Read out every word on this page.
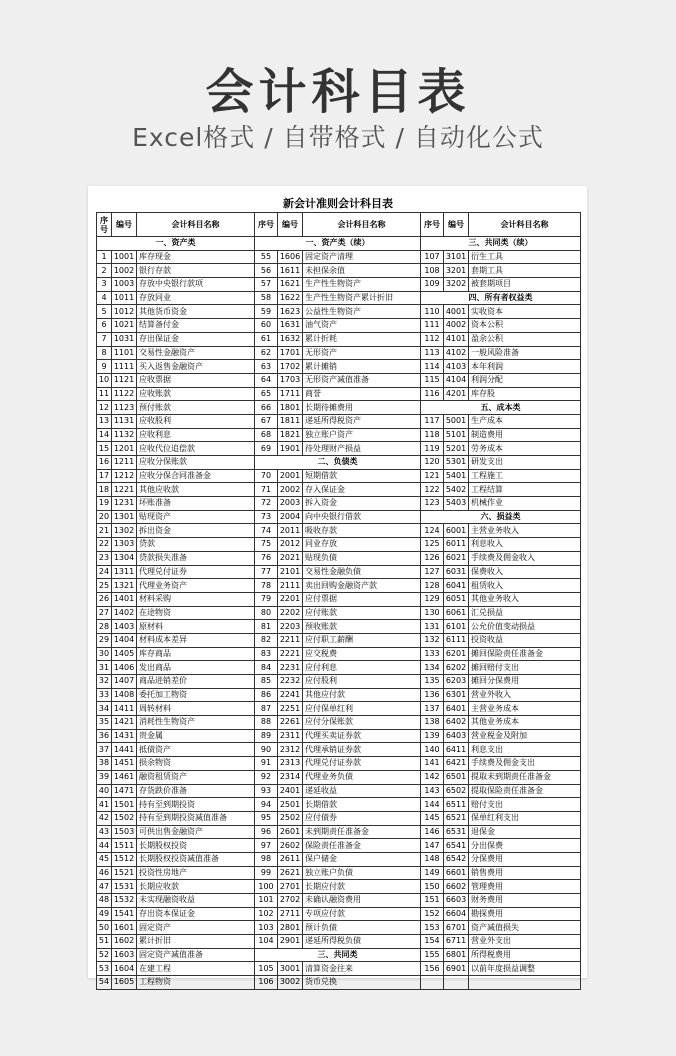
会计科目表
Excel格式 / 自带格式 / 自动化公式
新会计准则会计科目表
序号	编号	会计科目名称	序号	编号	会计科目名称	序号	编号	会计科目名称
一、资产类			一、资产类（续）			三、共同类（续）		
1	1001	库存现金	55	1606	固定资产清理	107	3101	衍生工具
2	1002	银行存款	56	1611	未担保余值	108	3201	套期工具
3	1003	存放中央银行款项	57	1621	生产性生物资产	109	3202	被套期项目
4	1011	存放同业	58	1622	生产性生物资产累计折旧	四、所有者权益类		
5	1012	其他货币资金	59	1623	公益性生物资产	110	4001	实收资本
6	1021	结算备付金	60	1631	油气资产	111	4002	资本公积
7	1031	存出保证金	61	1632	累计折耗	112	4101	盈余公积
8	1101	交易性金融资产	62	1701	无形资产	113	4102	一般风险准备
9	1111	买入返售金融资产	63	1702	累计摊销	114	4103	本年利润
10	1121	应收票据	64	1703	无形资产减值准备	115	4104	利润分配
11	1122	应收账款	65	1711	商誉	116	4201	库存股
12	1123	预付账款	66	1801	长期待摊费用	五、成本类		
13	1131	应收股利	67	1811	递延所得税资产	117	5001	生产成本
14	1132	应收利息	68	1821	独立账户资产	118	5101	制造费用
15	1201	应收代位追偿款	69	1901	待处理财产损益	119	5201	劳务成本
16	1211	应收分保账款	二、负债类			120	5301	研发支出
17	1212	应收分保合同准备金	70	2001	短期借款	121	5401	工程施工
18	1221	其他应收款	71	2002	存入保证金	122	5402	工程结算
19	1231	坏账准备	72	2003	拆入资金	123	5403	机械作业
20	1301	贴现资产	73	2004	向中央银行借款	六、损益类		
21	1302	拆出资金	74	2011	吸收存款	124	6001	主营业务收入
22	1303	贷款	75	2012	同业存放	125	6011	利息收入
23	1304	贷款损失准备	76	2021	贴现负债	126	6021	手续费及佣金收入
24	1311	代理兑付证券	77	2101	交易性金融负债	127	6031	保费收入
25	1321	代理业务资产	78	2111	卖出回购金融资产款	128	6041	租赁收入
26	1401	材料采购	79	2201	应付票据	129	6051	其他业务收入
27	1402	在途物资	80	2202	应付账款	130	6061	汇兑损益
28	1403	原材料	81	2203	预收账款	131	6101	公允价值变动损益
29	1404	材料成本差异	82	2211	应付职工薪酬	132	6111	投资收益
30	1405	库存商品	83	2221	应交税费	133	6201	摊回保险责任准备金
31	1406	发出商品	84	2231	应付利息	134	6202	摊回赔付支出
32	1407	商品进销差价	85	2232	应付股利	135	6203	摊回分保费用
33	1408	委托加工物资	86	2241	其他应付款	136	6301	营业外收入
34	1411	周转材料	87	2251	应付保单红利	137	6401	主营业务成本
35	1421	消耗性生物资产	88	2261	应付分保账款	138	6402	其他业务成本
36	1431	贵金属	89	2311	代理买卖证券款	139	6403	营业税金及附加
37	1441	抵债资产	90	2312	代理承销证券款	140	6411	利息支出
38	1451	损余物资	91	2313	代理兑付证券款	141	6421	手续费及佣金支出
39	1461	融资租赁资产	92	2314	代理业务负债	142	6501	提取未到期责任准备金
40	1471	存货跌价准备	93	2401	递延收益	143	6502	提取保险责任准备金
41	1501	持有至到期投资	94	2501	长期借款	144	6511	赔付支出
42	1502	持有至到期投资减值准备	95	2502	应付债券	145	6521	保单红利支出
43	1503	可供出售金融资产	96	2601	未到期责任准备金	146	6531	退保金
44	1511	长期股权投资	97	2602	保险责任准备金	147	6541	分出保费
45	1512	长期股权投资减值准备	98	2611	保户储金	148	6542	分保费用
46	1521	投资性房地产	99	2621	独立账户负债	149	6601	销售费用
47	1531	长期应收款	100	2701	长期应付款	150	6602	管理费用
48	1532	未实现融资收益	101	2702	未确认融资费用	151	6603	财务费用
49	1541	存出资本保证金	102	2711	专项应付款	152	6604	勘探费用
50	1601	固定资产	103	2801	预计负债	153	6701	资产减值损失
51	1602	累计折旧	104	2901	递延所得税负债	154	6711	营业外支出
52	1603	固定资产减值准备	三、共同类			155	6801	所得税费用
53	1604	在建工程	105	3001	清算资金往来	156	6901	以前年度损益调整
54	1605	工程物资	106	3002	货币兑换			
